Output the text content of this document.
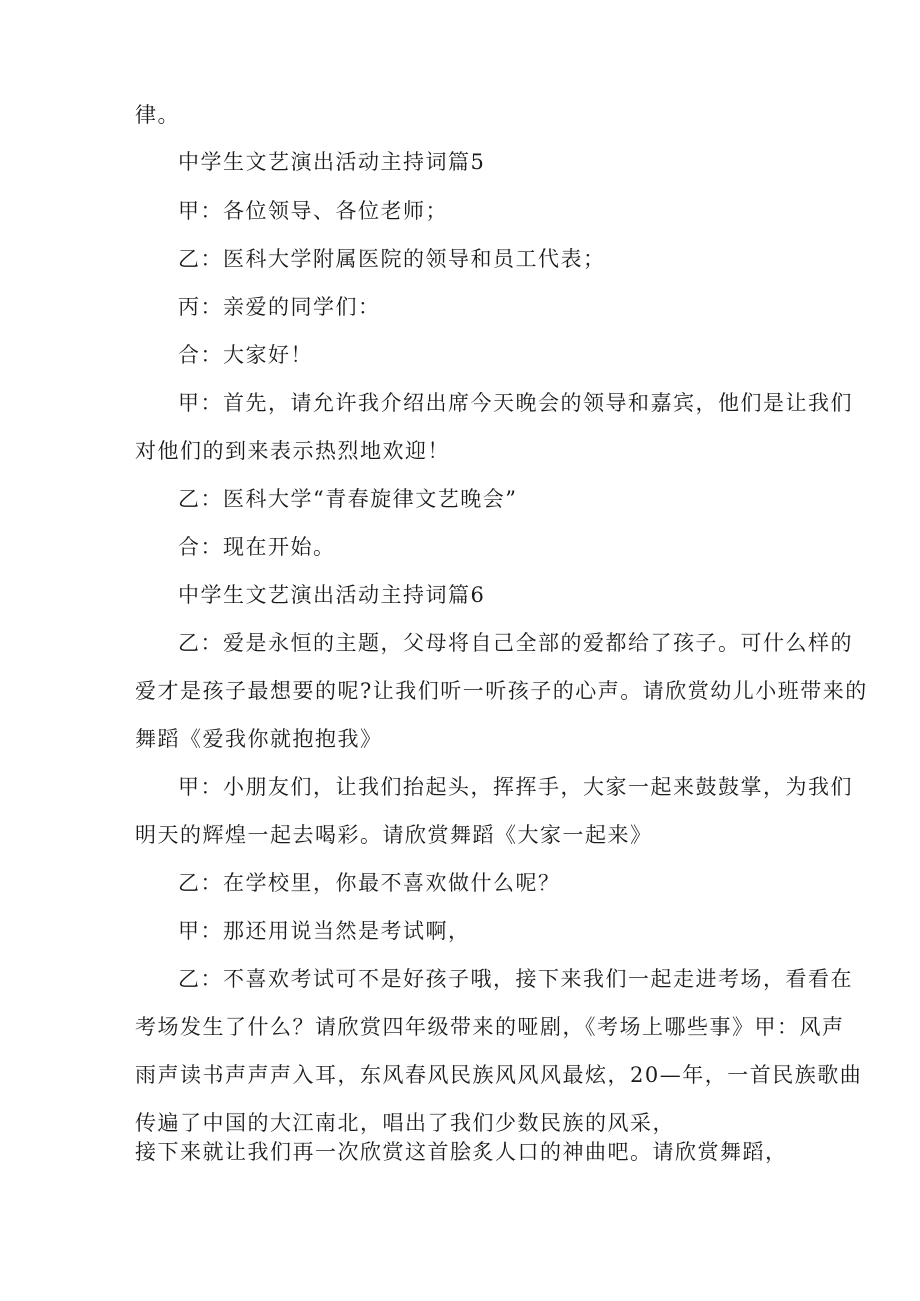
律。
中学生文艺演出活动主持词篇5
甲：各位领导、各位老师；
乙：医科大学附属医院的领导和员工代表；
丙：亲爱的同学们：
合：大家好！
甲：首先，请允许我介绍出席今天晚会的领导和嘉宾，他们是让我们
对他们的到来表示热烈地欢迎！
乙：医科大学“青春旋律文艺晚会”
合：现在开始。
中学生文艺演出活动主持词篇6
乙：爱是永恒的主题，父母将自己全部的爱都给了孩子。可什么样的
爱才是孩子最想要的呢?让我们听一听孩子的心声。请欣赏幼儿小班带来的
舞蹈《爱我你就抱抱我》
甲：小朋友们，让我们抬起头，挥挥手，大家一起来鼓鼓掌，为我们
明天的辉煌一起去喝彩。请欣赏舞蹈《大家一起来》
乙：在学校里，你最不喜欢做什么呢？
甲：那还用说当然是考试啊，
乙：不喜欢考试可不是好孩子哦，接下来我们一起走进考场，看看在
考场发生了什么？请欣赏四年级带来的哑剧，《考场上哪些事》甲：风声
雨声读书声声声入耳，东风春风民族风风风最炫，20—年，一首民族歌曲
传遍了中国的大江南北，唱出了我们少数民族的风采，
接下来就让我们再一次欣赏这首脍炙人口的神曲吧。请欣赏舞蹈，
